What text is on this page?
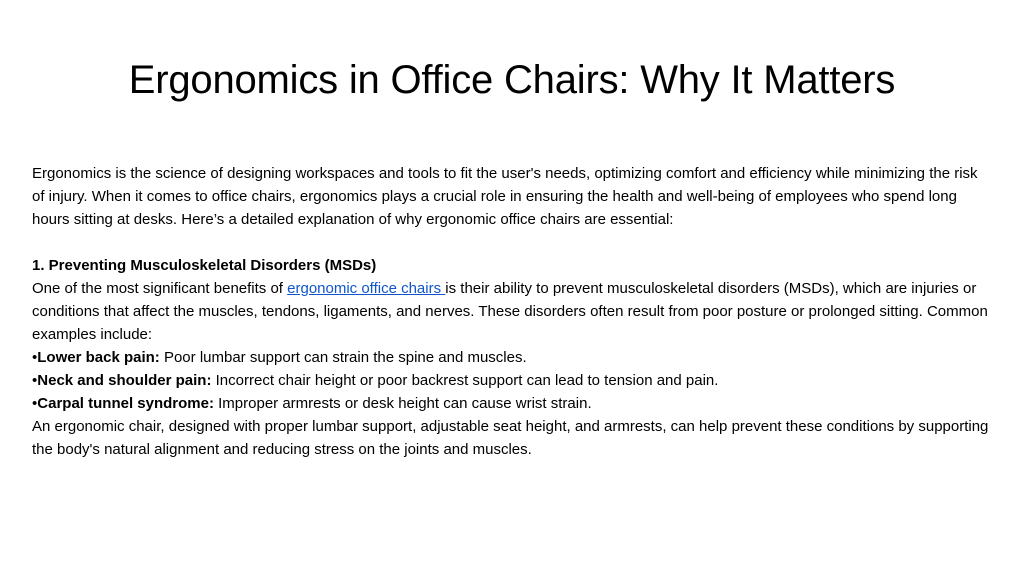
Ergonomics in Office Chairs: Why It Matters

Ergonomics is the science of designing workspaces and tools to fit the user's needs, optimizing comfort and efficiency while minimizing the risk of injury. When it comes to office chairs, ergonomics plays a crucial role in ensuring the health and well-being of employees who spend long hours sitting at desks. Here’s a detailed explanation of why ergonomic office chairs are essential:

1. Preventing Musculoskeletal Disorders (MSDs)

One of the most significant benefits of ergonomic office chairs is their ability to prevent musculoskeletal disorders (MSDs), which are injuries or conditions that affect the muscles, tendons, ligaments, and nerves. These disorders often result from poor posture or prolonged sitting. Common examples include:

•Lower back pain: Poor lumbar support can strain the spine and muscles.

•Neck and shoulder pain: Incorrect chair height or poor backrest support can lead to tension and pain.

•Carpal tunnel syndrome: Improper armrests or desk height can cause wrist strain.

An ergonomic chair, designed with proper lumbar support, adjustable seat height, and armrests, can help prevent these conditions by supporting the body's natural alignment and reducing stress on the joints and muscles.
